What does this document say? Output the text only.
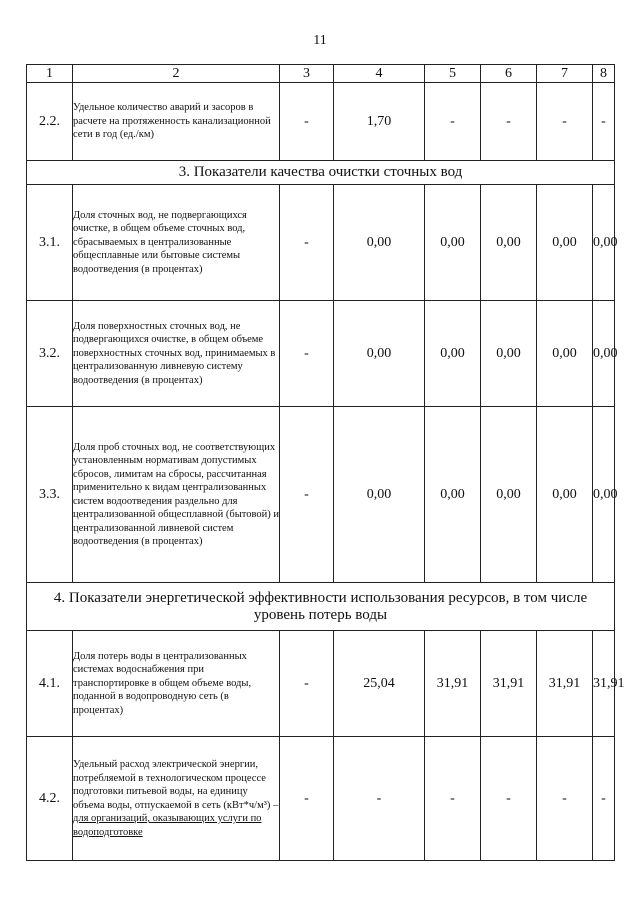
11
1	2	3	4	5	6	7	8
2.2.	Удельное количество аварий и засоров в расчете на протяженность канализационной сети в год (ед./км)	-	1,70	-	-	-	-
3. Показатели качества очистки сточных вод							
3.1.	Доля сточных вод, не подвергающихся очистке, в общем объеме сточных вод, сбрасываемых в централизованные общесплавные или бытовые системы водоотведения (в процентах)	-	0,00	0,00	0,00	0,00	0,00
3.2.	Доля поверхностных сточных вод, не подвергающихся очистке, в общем объеме поверхностных сточных вод, принимаемых в централизованную ливневую систему водоотведения (в процентах)	-	0,00	0,00	0,00	0,00	0,00
3.3.	Доля проб сточных вод, не соответствующих установленным нормативам допустимых сбросов, лимитам на сбросы, рассчитанная применительно к видам централизованных систем водоотведения раздельно для централизованной общесплавной (бытовой) и централизованной ливневой систем водоотведения (в процентах)	-	0,00	0,00	0,00	0,00	0,00
4. Показатели энергетической эффективности использования ресурсов, в том числе уровень потерь воды							
4.1.	Доля потерь воды в централизованных системах водоснабжения при транспортировке в общем объеме воды, поданной в водопроводную сеть (в процентах)	-	25,04	31,91	31,91	31,91	31,91
4.2.	Удельный расход электрической энергии, потребляемой в технологическом процессе подготовки питьевой воды, на единицу объема воды, отпускаемой в сеть (кВт*ч/м³) – для организаций, оказывающих услуги по водоподготовке	-	-	-	-	-	-
